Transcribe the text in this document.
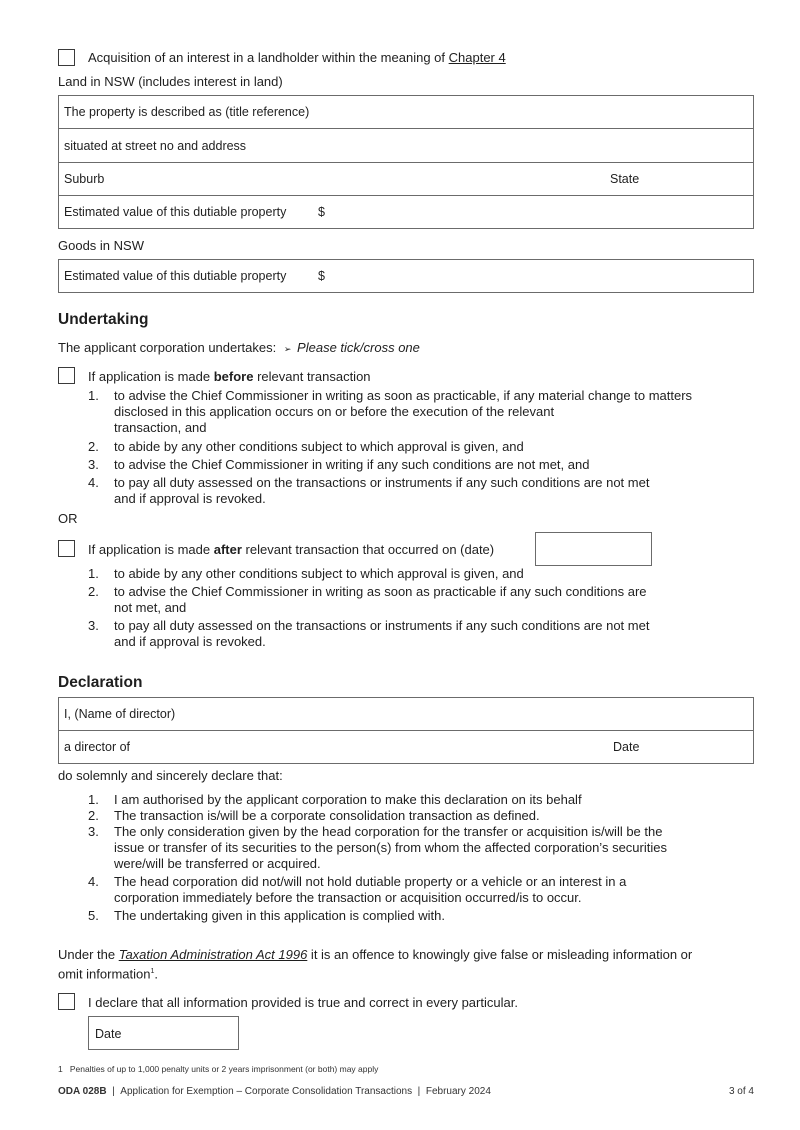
Acquisition of an interest in a landholder within the meaning of Chapter 4
Land in NSW (includes interest in land)
The property is described as (title reference)
situated at street no and address
Suburb	State
Estimated value of this dutiable property	$
Goods in NSW
Estimated value of this dutiable property	$
Undertaking
The applicant corporation undertakes: ➢ Please tick/cross one
If application is made before relevant transaction
1. to advise the Chief Commissioner in writing as soon as practicable, if any material change to matters
disclosed in this application occurs on or before the execution of the relevant
transaction, and
2. to abide by any other conditions subject to which approval is given, and
3. to advise the Chief Commissioner in writing if any such conditions are not met, and
4. to pay all duty assessed on the transactions or instruments if any such conditions are not met
and if approval is revoked.
OR
If application is made after relevant transaction that occurred on (date)
1. to abide by any other conditions subject to which approval is given, and
2. to advise the Chief Commissioner in writing as soon as practicable if any such conditions are
not met, and
3. to pay all duty assessed on the transactions or instruments if any such conditions are not met
and if approval is revoked.
Declaration
I, (Name of director)
a director of	Date
do solemnly and sincerely declare that:
1. I am authorised by the applicant corporation to make this declaration on its behalf
2. The transaction is/will be a corporate consolidation transaction as defined.
3. The only consideration given by the head corporation for the transfer or acquisition is/will be the
issue or transfer of its securities to the person(s) from whom the affected corporation’s securities
were/will be transferred or acquired.
4. The head corporation did not/will not hold dutiable property or a vehicle or an interest in a
corporation immediately before the transaction or acquisition occurred/is to occur.
5. The undertaking given in this application is complied with.
Under the Taxation Administration Act 1996 it is an offence to knowingly give false or misleading information or
omit information$^1$.
I declare that all information provided is true and correct in every particular.
Date
1 Penalties of up to 1,000 penalty units or 2 years imprisonment (or both) may apply
ODA 028B | Application for Exemption – Corporate Consolidation Transactions | February 2024	3 of 4
